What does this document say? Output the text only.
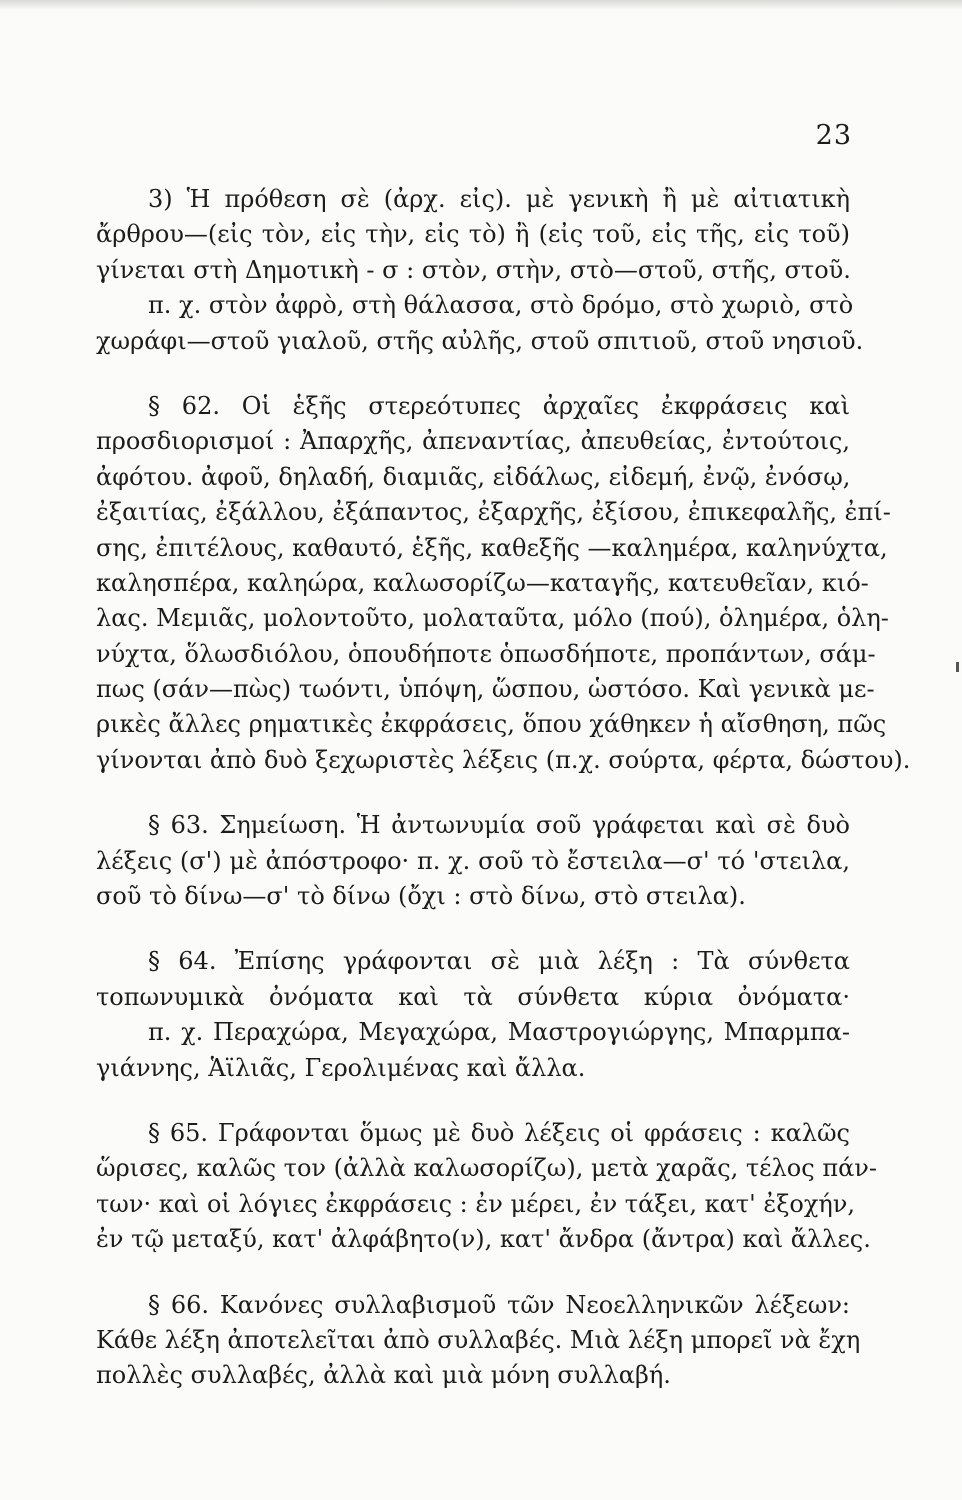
23
3) Ἡ πρόθεση σὲ (ἀρχ. εἰς). μὲ γενικὴ ἢ μὲ αἰτιατικὴ
ἄρθρου—(εἰς τὸν, εἰς τὴν, εἰς τὸ) ἢ (εἰς τοῦ, εἰς τῆς, εἰς τοῦ)
γίνεται στὴ Δημοτικὴ - σ : στὸν, στὴν, στὸ—στοῦ, στῆς, στοῦ.
π. χ. στὸν ἀφρὸ, στὴ θάλασσα, στὸ δρόμο, στὸ χωριὸ, στὸ
χωράφι—στοῦ γιαλοῦ, στῆς αὐλῆς, στοῦ σπιτιοῦ, στοῦ νησιοῦ.
§ 62. Οἱ ἑξῆς στερεότυπες ἀρχαῖες ἐκφράσεις καὶ
προσδιορισμοί : Ἀπαρχῆς, ἀπεναντίας, ἀπευθείας, ἐντούτοις,
ἀφότου. ἀφοῦ, δηλαδή, διαμιᾶς, εἰδάλως, εἰδεμή, ἐνῷ, ἐνόσῳ,
ἐξαιτίας, ἐξάλλου, ἐξάπαντος, ἐξαρχῆς, ἐξίσου, ἐπικεφαλῆς, ἐπί-
σης, ἐπιτέλους, καθαυτό, ἑξῆς, καθεξῆς —καλημέρα, καληνύχτα,
καλησπέρα, καληώρα, καλωσορίζω—καταγῆς, κατευθεῖαν, κιό-
λας. Μεμιᾶς, μολοντοῦτο, μολαταῦτα, μόλο (πού), ὁλημέρα, ὁλη-
νύχτα, ὅλωσδιόλου, ὁπουδήποτε ὁπωσδήποτε, προπάντων, σάμ-
πως (σάν—πὼς) τωόντι, ὑπόψη, ὥσπου, ὡστόσο. Καὶ γενικὰ με-
ρικὲς ἄλλες ρηματικὲς ἐκφράσεις, ὅπου χάθηκεν ἡ αἴσθηση, πῶς
γίνονται ἀπὸ δυὸ ξεχωριστὲς λέξεις (π.χ. σούρτα, φέρτα, δώστου).
§ 63. Σημείωση. Ἡ ἀντωνυμία σοῦ γράφεται καὶ σὲ δυὸ
λέξεις (σ') μὲ ἀπόστροφο· π. χ. σοῦ τὸ ἔστειλα—σ' τό 'στειλα,
σοῦ τὸ δίνω—σ' τὸ δίνω (ὄχι : στὸ δίνω, στὸ στειλα).
§ 64. Ἐπίσης γράφονται σὲ μιὰ λέξη : Τὰ σύνθετα
τοπωνυμικὰ ὀνόματα καὶ τὰ σύνθετα κύρια ὀνόματα·
π. χ. Περαχώρα, Μεγαχώρα, Μαστρογιώργης, Μπαρμπα-
γιάννης, Ἁϊλιᾶς, Γερολιμένας καὶ ἄλλα.
§ 65. Γράφονται ὅμως μὲ δυὸ λέξεις οἱ φράσεις : καλῶς
ὥρισες, καλῶς τον (ἀλλὰ καλωσορίζω), μετὰ χαρᾶς, τέλος πάν-
των· καὶ οἱ λόγιες ἐκφράσεις : ἐν μέρει, ἐν τάξει, κατ' ἐξοχήν,
ἐν τῷ μεταξύ, κατ' ἀλφάβητο(ν), κατ' ἄνδρα (ἄντρα) καὶ ἄλλες.
§ 66. Κανόνες συλλαβισμοῦ τῶν Νεοελληνικῶν λέξεων:
Κάθε λέξη ἀποτελεῖται ἀπὸ συλλαβές. Μιὰ λέξη μπορεῖ νὰ ἔχη
πολλὲς συλλαβές, ἀλλὰ καὶ μιὰ μόνη συλλαβή.
